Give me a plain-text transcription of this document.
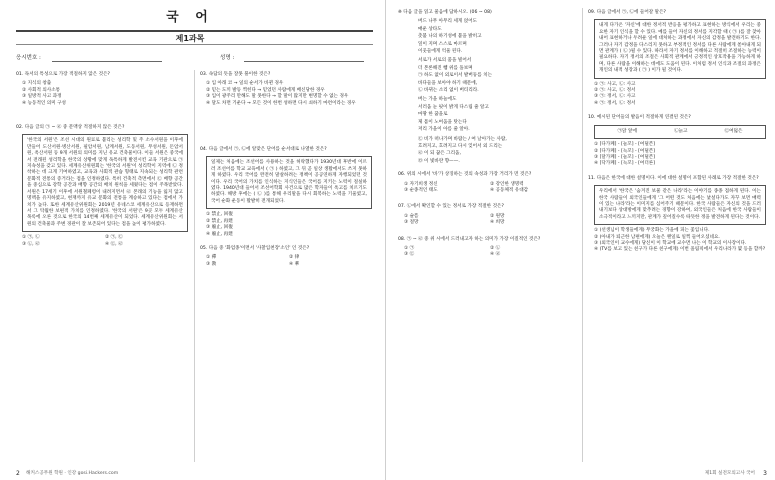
국 어
제1과목
응시번호 :	성명 :
01. 독서의 특성으로 가장 적절하지 않은 것은?
① 지식의 창출
② 사회적 의사소통
③ 일방적 사고 과정
④ 능동적인 의미 구성
02. 다음 글의 ㉠ ~ ㉣ 중 문맥상 적절하지 않은 것은?
'한국의 서원'은 조선 시대의 원료로 불리는 성리학 및 주 소수서원을 이후에 만들어 도산서원·병산서원, 필암서원, 남계서원, 도동서원, 무성서원, 돈암서원, 옥산서원 등 9개 서원의 의미를 지닌 유교 건축물이다. 이들 서원은 중국에서 전래된 성리학을 한국의 상황에 맞게 독특하게 발전시킨 교육 기관으로 ㉠ 지속성을 갖고 있다. 세계유산위원회는 '한국의 서원'이 성리학이 지역에 ㉡ 정착하는 데 크게 기여하였고, 교육과 사회적 관습 형태로 지속되는 성리학 관련 문화적 전통의 증거라는 점을 인정하였다. 특히 건축적 측면에서 ㉢ 배향 공간을 중심으로 강학 공간과 배향 공간의 배치 원칙을 세웠다는 점이 주목받았다. 서원은 17세기 이후에 서원철폐령이 내려지면서 ㉣ 본래의 기능을 잃지 않고 명맥을 유지하였고, 현재까지 유교 문화의 전통을 계승하고 있다는 점에서 가치가 높다. 또한 세계유산위원회는 2019년 유네스코 세계유산으로 등재하면서 그 탁월한 보편적 가치를 인정하였다. '한국의 서원'은 9곳 모두 세계유산 목록에 오른 것으로 한국의 14번째 세계유산이 되었다. 세계유산위원회는 서원의 건축물과 주변 경관이 잘 보존되어 있다는 점을 높이 평가하였다.
① ㉠, ㉡	② ㉠, ㉢
③ ㉡, ㉣	④ ㉢, ㉣
03. 속담의 뜻을 잘못 풀이한 것은?
① 입 아래 코 → 일의 순서가 바뀐 경우
② 믿는 도끼 발등 찍힌다 → 믿었던 사람에게 배신당한 경우
③ 입이 광주리 만해도 말 못한다 → 할 말이 많지만 변명할 수 없는 경우
④ 달도 차면 기운다 → 모든 것이 한번 성하면 다시 쇠하기 마련이라는 경우
04. 다음 글에서 ㉠, ㉡에 알맞은 단어를 순서대로 나열한 것은?
일제는 처음에는 조선어를 사용하는 것을 허락했다가 1930년대 후반에 이르러 조선어를 학교 교육에서 ( ㉠ ) 하였고, 그 뒤 곧 일상 생활에서도 쓰지 못하게 하였다. 우리 국어를 완전히 말살하려는 정책이 공공연하게 자행되었던 것이다. 우리 국어의 가치를 인식하는 지식인들은 국어를 지키는 노력이 절실하였다. 1940년대 들어서 조선어학회 사건으로 많은 학자들이 옥고를 치르기도 하였다. 해방 후에는 ( ㉡ )를 통해 우리말을 다시 회복하는 노력을 기울였고, 국어 순화 운동이 활발히 전개되었다.
① 禁止, 回復
② 禁止, 再建
③ 廢止, 回復
④ 廢止, 再建
05. 다음 중 '화엄종'이면서 '사찰입천장'소인' 인 것은?
① 禪	② 律
③ 教	④ 華
2 해커스공무원 학원 · 인강 gosi.Hackers.com
※ 다음 글을 읽고 물음에 답하시오. (06 ~ 08)
버드 나무 아무리 세게 얹어도
매운 상타도
촛불 나의 하기성에 불을 밝히고
잎이 지며 스스로 마르며
이웃들에게 억울 된다.
서로가 서로의 품을 빌어서
더 본론해진 뺌 위를 돌보며
㉠ 하도 없이 외로이서 발버둥를 치는
바다들을 보아야 하기 때문에,
㉡ 바뀌는 소리 없이 버티리라.
버는 가을 하늘에도
서러움 눈 핏이 밝게 다스림 줄 알고
마땅 한 꿈을로
제 몸이 노여움을 탓는다
저리 가을이 아름 줄 알아.
㉢ 비가 떠나가며 바람는 / 여 날아가는 사람,
흐려지고, 흐려지고 다시 잊어서 외 드리는
㉣ 이 되 꿈은 그리움,
㉤ 이 빛바란 향——.
06. 위의 시에서 '바'가 상징하는 것의 속성과 가장 거리가 먼 것은?
① 자기희생 정신	② 강인한 생명력
③ 순종적인 태도	④ 공동체적 유대감
07. ㉡에서 확인할 수 있는 정서로 가장 적절한 것은?
① 슬픔	② 원망
③ 절망	④ 희망
08. ㉠ ~ ㉣ 중 위 시에서 드러내고자 하는 의미가 가장 이질적인 것은?
① ㉠	② ㉡
③ ㉢	④ ㉣
09. 다음 글에서 ㉠, ㉡에 들어갈 말은?
내게 다가온 '자신'에 대한 정서적 반응을 평가하고 표현하는 방식에서 우리는 중요한 자기 인식을 할 수 있다. 예를 들어 자신의 정서를 지각할 때 ( ㉠ )를 잘 찾아내어 표현하거나 두려운 일에 대처하는 과정에서 자신의 감정을 발견하기도 한다. 그러나 자기 감정을 다스리지 못하고 부정적인 정서를 다른 사람에게 쏟아내게 되면 관계가 ( ㉡ )될 수 있다. 따라서 자기 정서를 이해하고 적절히 조절하는 능력이 필요하다. 자기 정서의 조절은 사회적 관계에서 긍정적인 상호작용을 가능하게 하며, 다른 사람을 이해하는 데에도 도움이 된다. 이처럼 정서 인식과 조절의 과정은 개인의 내적 성장과 ( ㉠ ) 이가 될 것이다.
① ㉠: 사고, ㉡: 사고
② ㉠: 사고, ㉡: 정서
③ ㉠: 정서, ㉡: 사고
④ ㉠: 정서, ㉡: 정서
10. 예시된 단어들의 발음이 적절하게 연결된 것은?
㉠닭 앞에	㉡늙고	㉢여덟은
① [다가페] - [늘꼬] - [여덜븐]
② [다가페] - [늑꼬] - [여덜븐]
③ [달가페] - [늘꼬] - [여덜븐]
④ [닥가페] - [늑꼬] - [여더른]
11. 다음은 한국에 대한 설명이다. 이에 대한 설명이 포함된 사례로 가장 적절한 것은?
우리에서 '한국은 '숨겨진 보물 같은 나라'라는 이야기를 종종 접하게 된다. 이는 한국 사람들이 외국인들에게 '그 어떤 것도 처음에는 낯설다가도 자꾸 보면 매력이 있는 나라'라는 이미지를 심어주기 때문이다. 한국 사람들은 자신의 것을 드러내기보다 상대방에게 맞추려는 경향이 강하여, 외국인들은 처음에 한국 사람들이 소극적이라고 느끼지만, 관계가 깊어질수록 따뜻한 정을 발견하게 된다는 것이다.
① (선생님이 학생들에게) 무궁화는 가을에 피는 꽃입니다.
② (아내가 퇴근한 남편에게) 오늘은 왠일로 일찍 들어오셨네요.
③ (외국인이 교수에게) 당신이 이 학교에 교수면 나는 이 학교의 이사장이다.
④ (TV를 보고 있는 친구가 다른 친구에게) 이번 올림픽에서 우리나라가 몇 등을 할까?
제1회 실전모의고사 국어 3
